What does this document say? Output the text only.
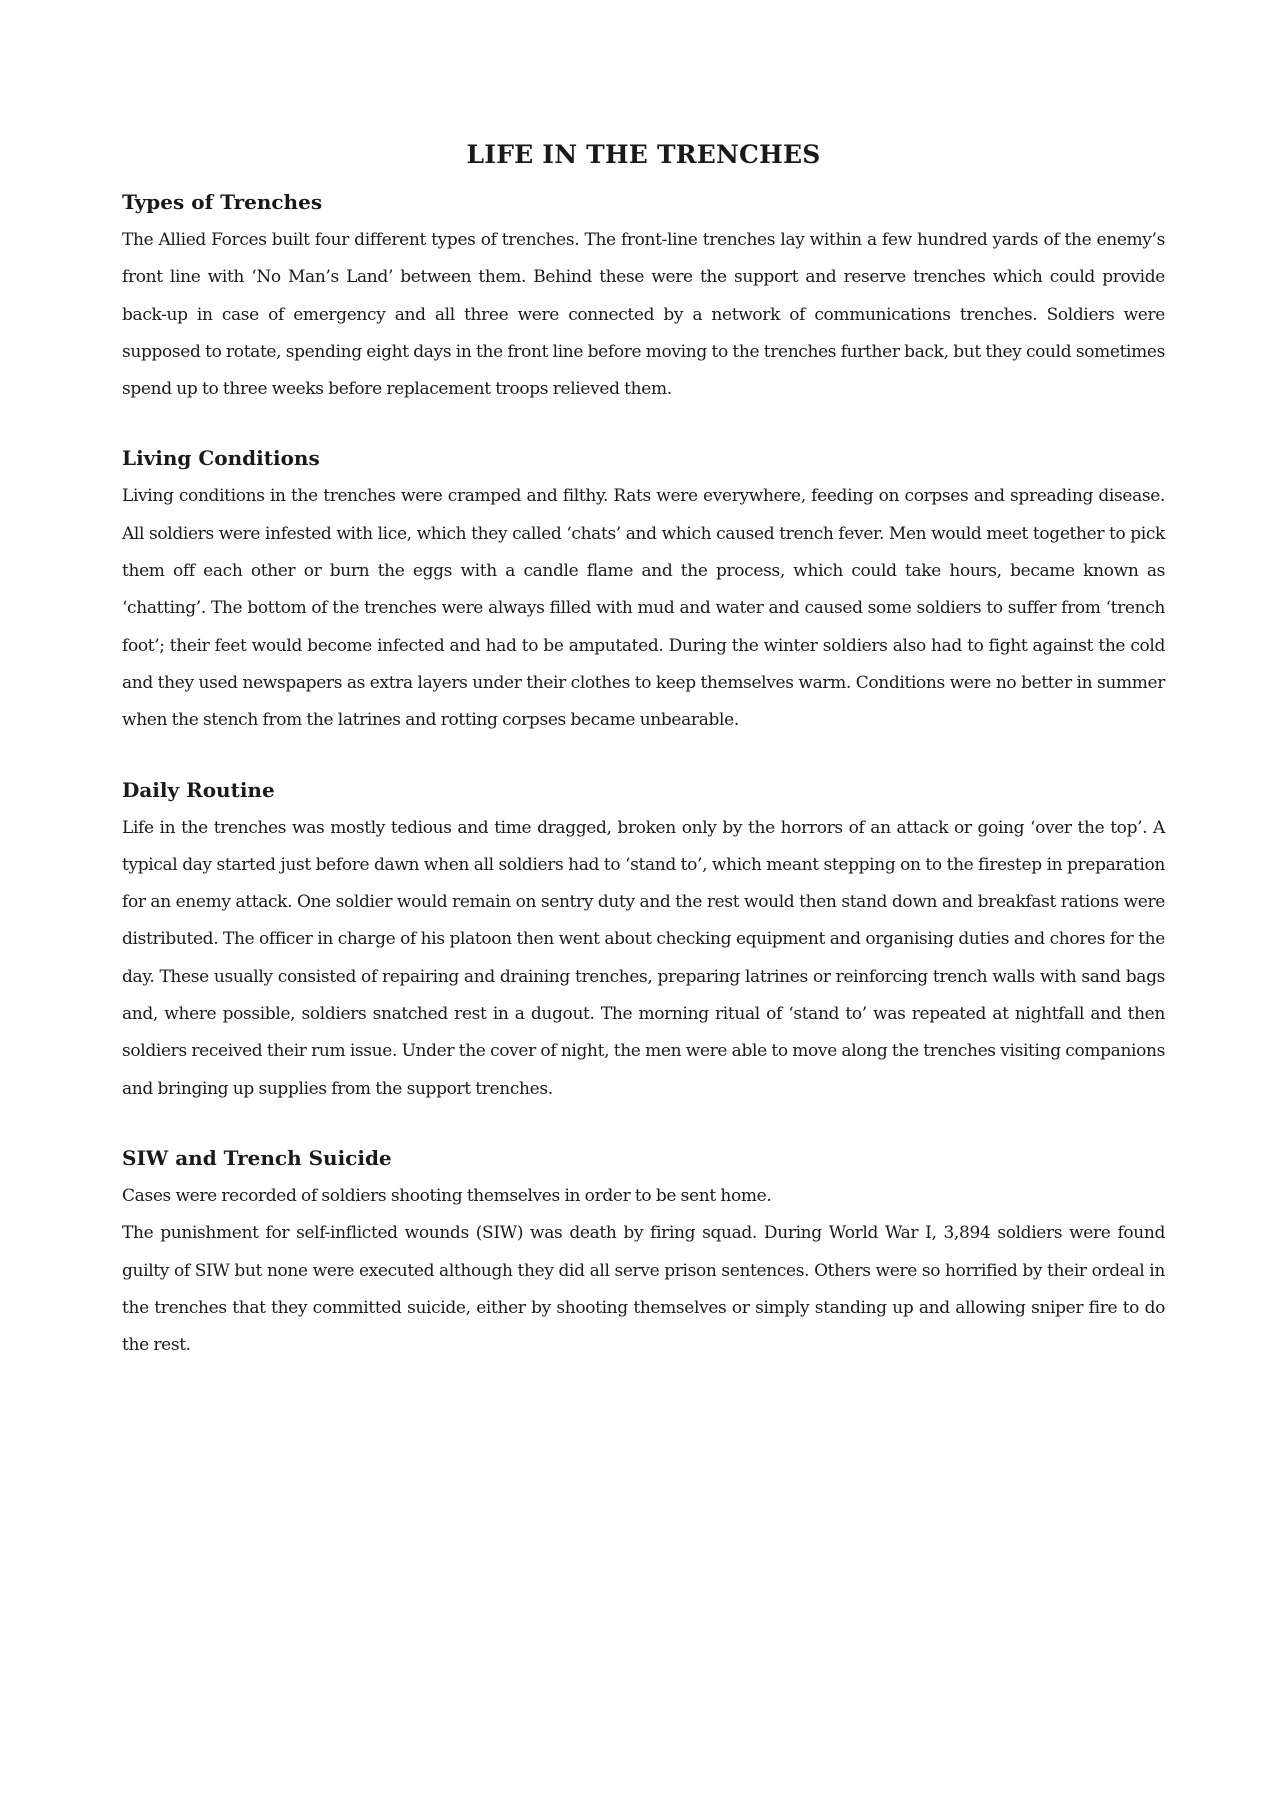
LIFE IN THE TRENCHES
Types of Trenches

The Allied Forces built four different types of trenches. The front-line trenches lay within a few hundred yards of the enemy’s front line with ‘No Man’s Land’ between them. Behind these were the support and reserve trenches which could provide back-up in case of emergency and all three were connected by a network of communications trenches. Soldiers were supposed to rotate, spending eight days in the front line before moving to the trenches further back, but they could sometimes spend up to three weeks before replacement troops relieved them.

Living Conditions

Living conditions in the trenches were cramped and filthy. Rats were everywhere, feeding on corpses and spreading disease. All soldiers were infested with lice, which they called ‘chats’ and which caused trench fever. Men would meet together to pick them off each other or burn the eggs with a candle flame and the process, which could take hours, became known as ‘chatting’. The bottom of the trenches were always filled with mud and water and caused some soldiers to suffer from ‘trench foot’; their feet would become infected and had to be amputated. During the winter soldiers also had to fight against the cold and they used newspapers as extra layers under their clothes to keep themselves warm. Conditions were no better in summer when the stench from the latrines and rotting corpses became unbearable.

Daily Routine

Life in the trenches was mostly tedious and time dragged, broken only by the horrors of an attack or going ‘over the top’. A typical day started just before dawn when all soldiers had to ‘stand to’, which meant stepping on to the firestep in preparation for an enemy attack. One soldier would remain on sentry duty and the rest would then stand down and breakfast rations were distributed. The officer in charge of his platoon then went about checking equipment and organising duties and chores for the day. These usually consisted of repairing and draining trenches, preparing latrines or reinforcing trench walls with sand bags and, where possible, soldiers snatched rest in a dugout. The morning ritual of ‘stand to’ was repeated at nightfall and then soldiers received their rum issue. Under the cover of night, the men were able to move along the trenches visiting companions and bringing up supplies from the support trenches.

SIW and Trench Suicide

Cases were recorded of soldiers shooting themselves in order to be sent home.

The punishment for self-inflicted wounds (SIW) was death by firing squad. During World War I, 3,894 soldiers were found guilty of SIW but none were executed although they did all serve prison sentences. Others were so horrified by their ordeal in the trenches that they committed suicide, either by shooting themselves or simply standing up and allowing sniper fire to do the rest.
